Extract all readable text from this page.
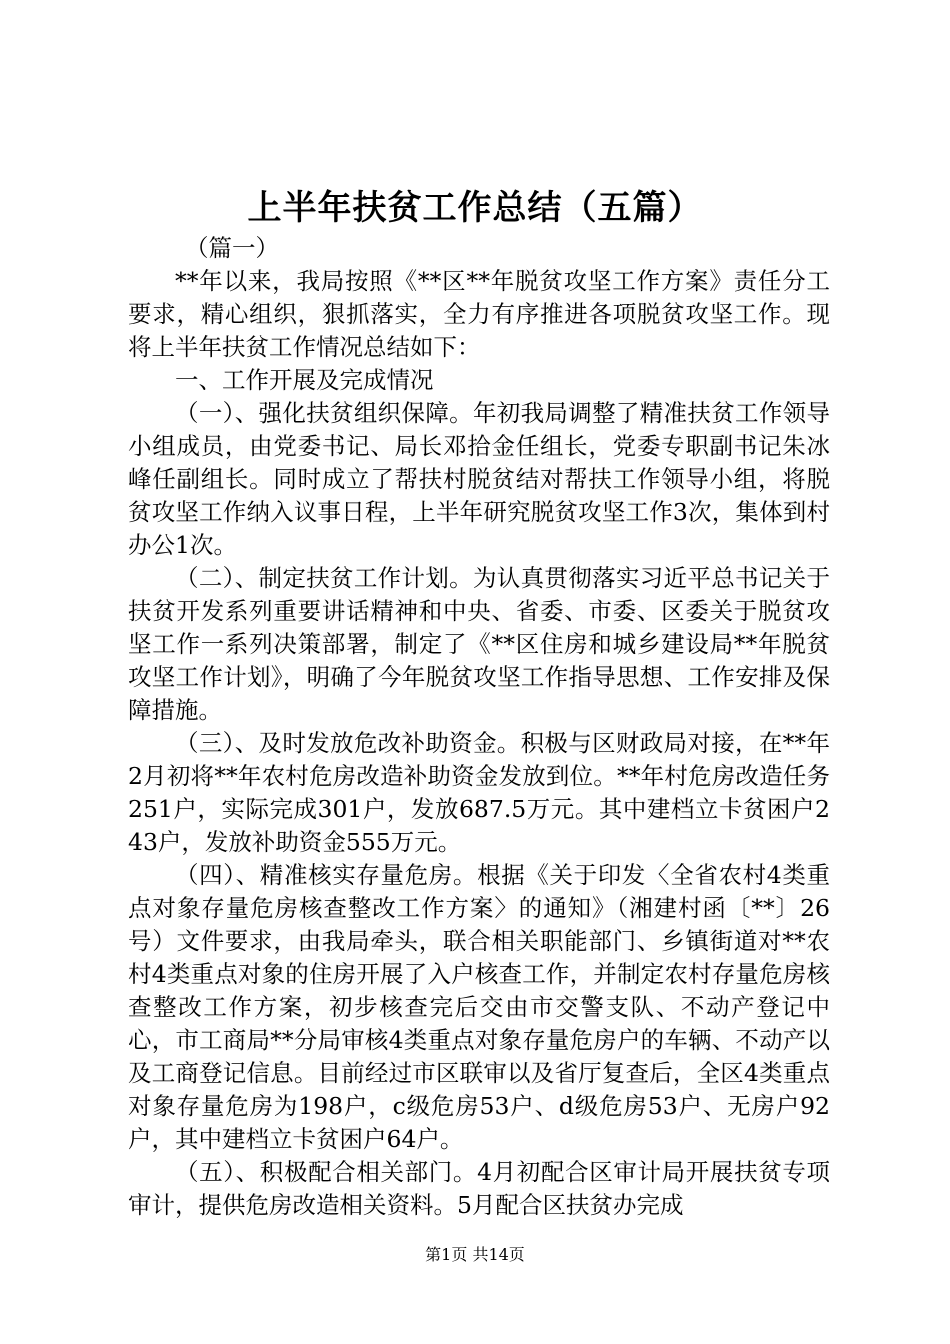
上半年扶贫工作总结（五篇）

（篇一）

**年以来，我局按照《**区**年脱贫攻坚工作方案》责任分工要求，精心组织，狠抓落实，全力有序推进各项脱贫攻坚工作。现将上半年扶贫工作情况总结如下：

一、工作开展及完成情况

（一）、强化扶贫组织保障。年初我局调整了精准扶贫工作领导小组成员，由党委书记、局长邓拾金任组长，党委专职副书记朱冰峰任副组长。同时成立了帮扶村脱贫结对帮扶工作领导小组，将脱贫攻坚工作纳入议事日程，上半年研究脱贫攻坚工作3次，集体到村办公1次。

（二）、制定扶贫工作计划。为认真贯彻落实习近平总书记关于扶贫开发系列重要讲话精神和中央、省委、市委、区委关于脱贫攻坚工作一系列决策部署，制定了《**区住房和城乡建设局**年脱贫攻坚工作计划》，明确了今年脱贫攻坚工作指导思想、工作安排及保障措施。

（三）、及时发放危改补助资金。积极与区财政局对接，在**年2月初将**年农村危房改造补助资金发放到位。**年村危房改造任务251户，实际完成301户，发放687.5万元。其中建档立卡贫困户243户，发放补助资金555万元。

（四）、精准核实存量危房。根据《关于印发〈全省农村4类重点对象存量危房核查整改工作方案〉的通知》（湘建村函〔**〕26号）文件要求，由我局牵头，联合相关职能部门、乡镇街道对**农村4类重点对象的住房开展了入户核查工作，并制定农村存量危房核查整改工作方案，初步核查完后交由市交警支队、不动产登记中心，市工商局**分局审核4类重点对象存量危房户的车辆、不动产以及工商登记信息。目前经过市区联审以及省厅复查后，全区4类重点对象存量危房为198户，c级危房53户、d级危房53户、无房户92户，其中建档立卡贫困户64户。

（五）、积极配合相关部门。4月初配合区审计局开展扶贫专项审计，提供危房改造相关资料。5月配合区扶贫办完成

第1页 共14页
